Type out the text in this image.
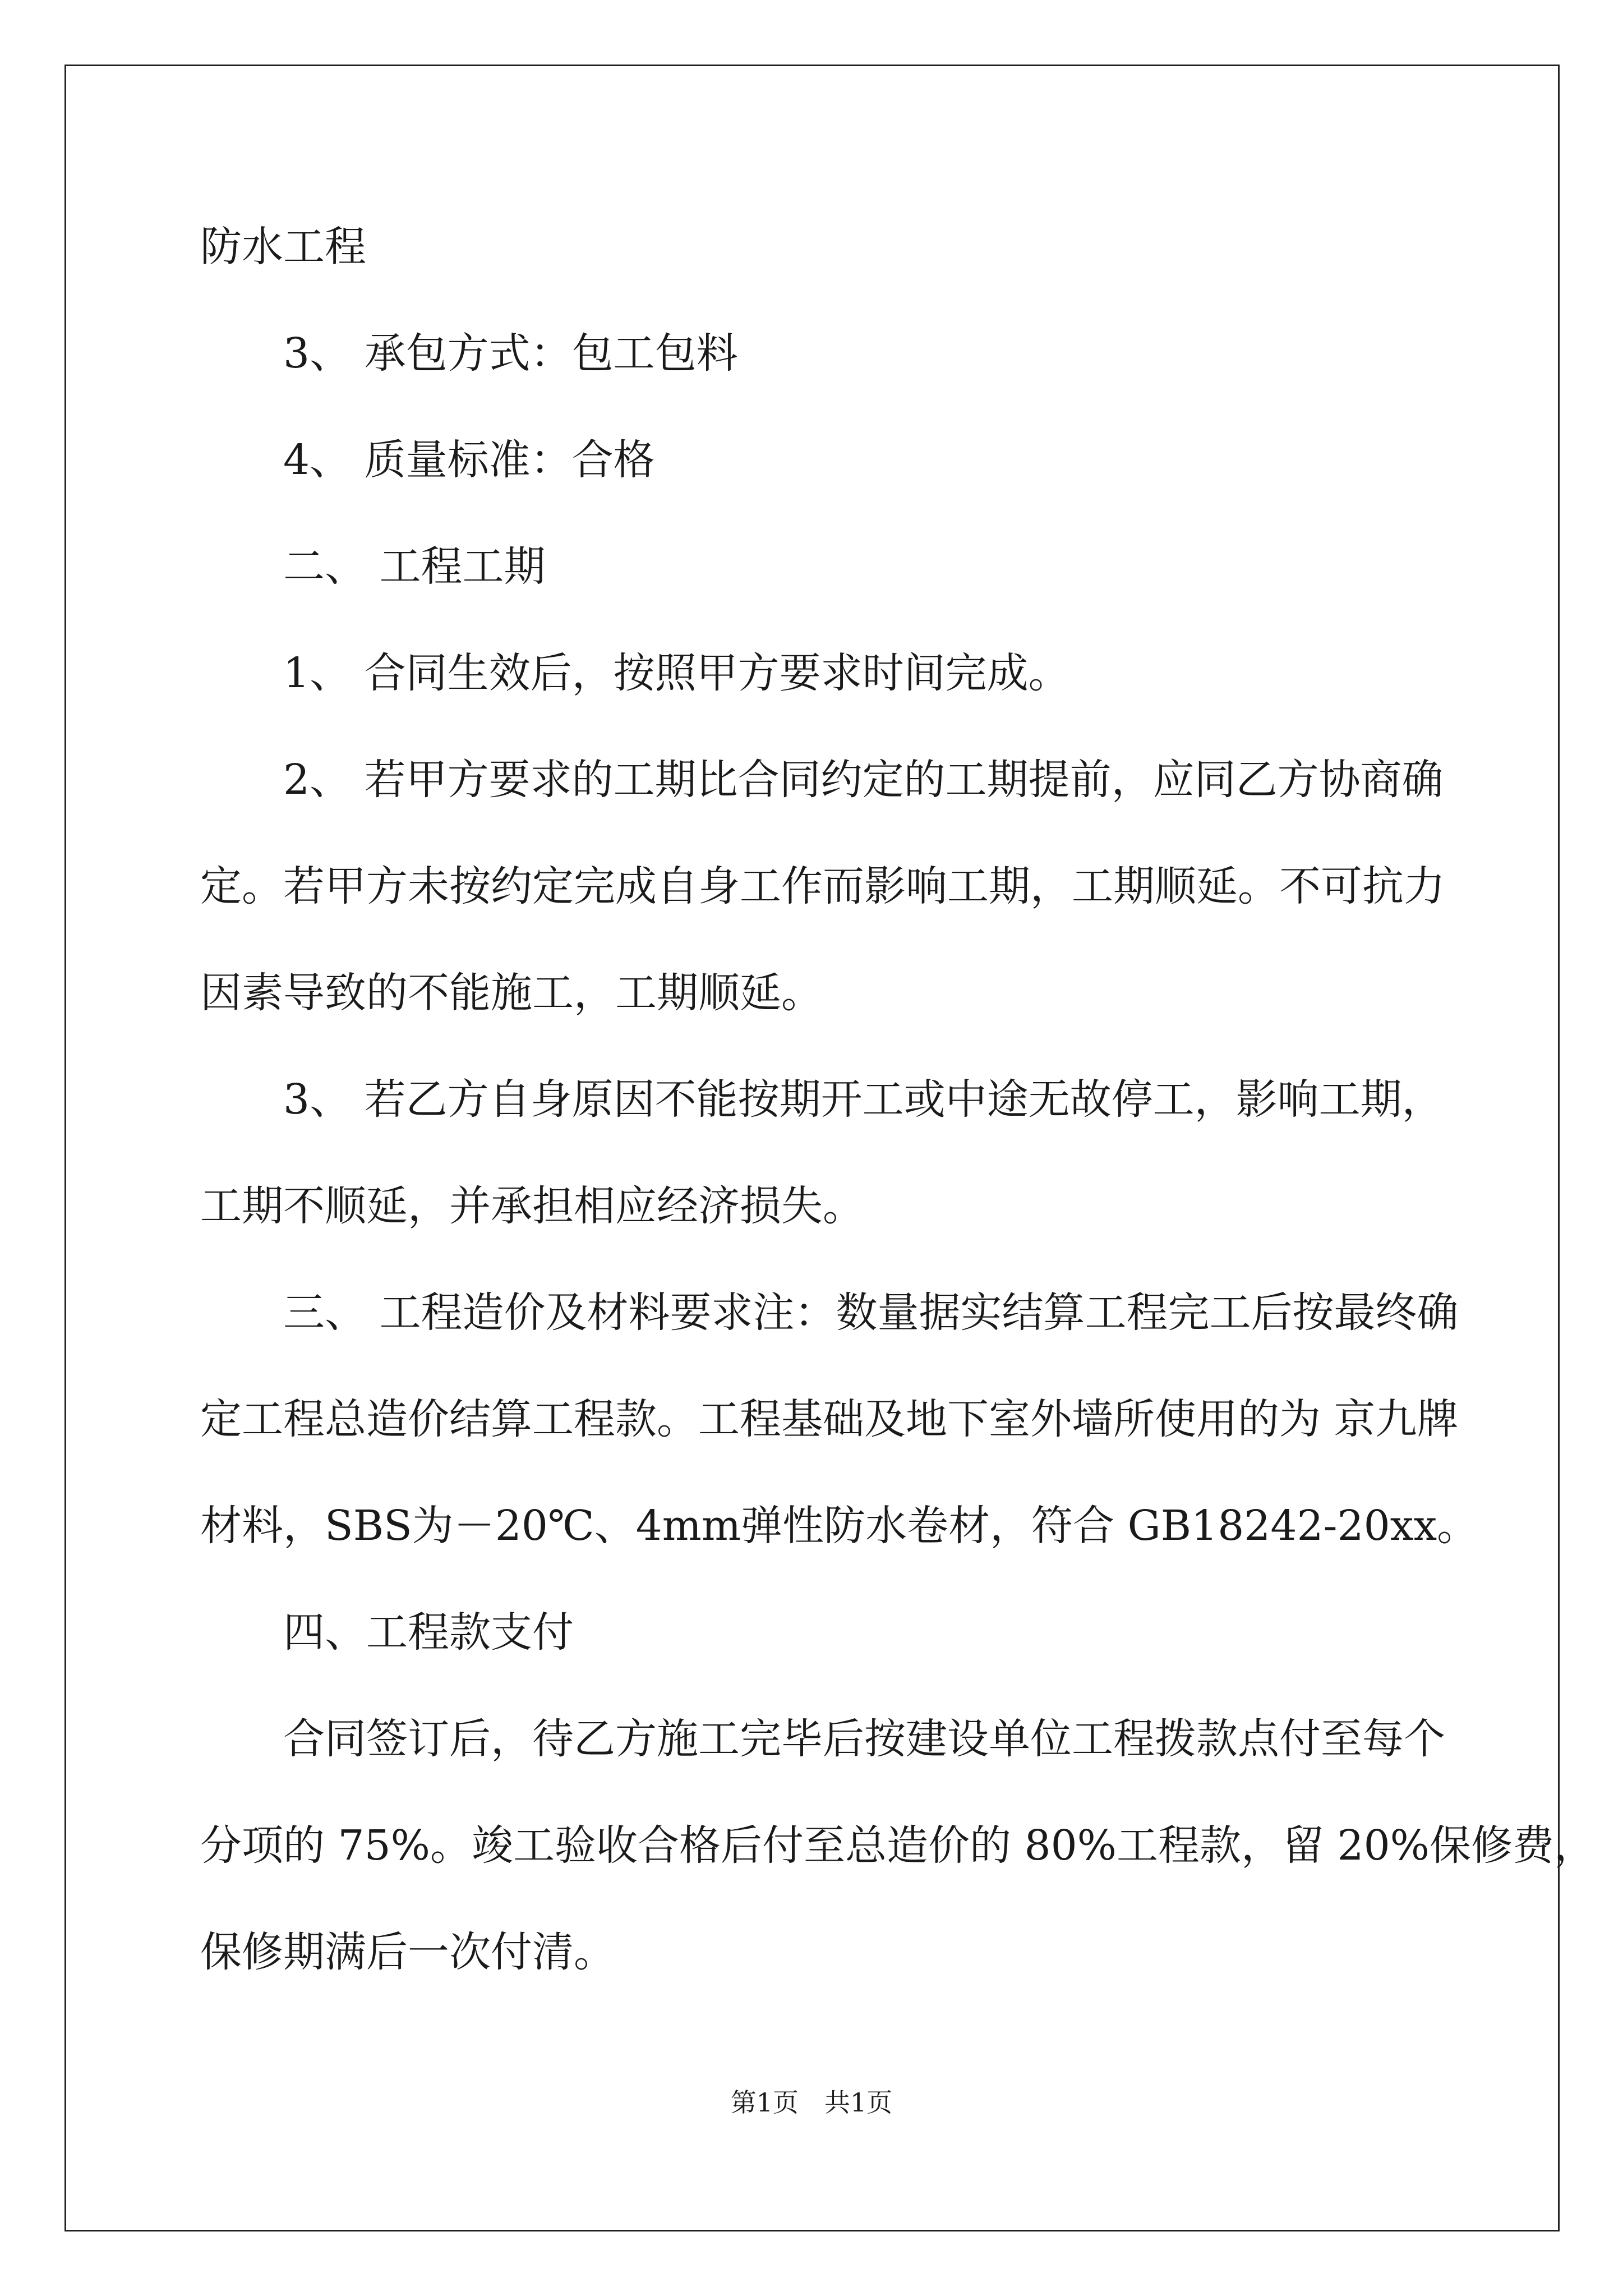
防水工程
3、 承包方式：包工包料
4、 质量标准：合格
二、 工程工期
1、 合同生效后，按照甲方要求时间完成。
2、 若甲方要求的工期比合同约定的工期提前，应同乙方协商确
定。若甲方未按约定完成自身工作而影响工期，工期顺延。不可抗力
因素导致的不能施工，工期顺延。
3、 若乙方自身原因不能按期开工或中途无故停工，影响工期，
工期不顺延，并承担相应经济损失。
三、 工程造价及材料要求注：数量据实结算工程完工后按最终确
定工程总造价结算工程款。工程基础及地下室外墙所使用的为 京九牌
材料，SBS为－20℃、4mm弹性防水卷材，符合 GB18242-20xx。
四、工程款支付
合同签订后，待乙方施工完毕后按建设单位工程拨款点付至每个
分项的 75%。竣工验收合格后付至总造价的 80%工程款，留 20%保修费，
保修期满后一次付清。
第1页　共1页
